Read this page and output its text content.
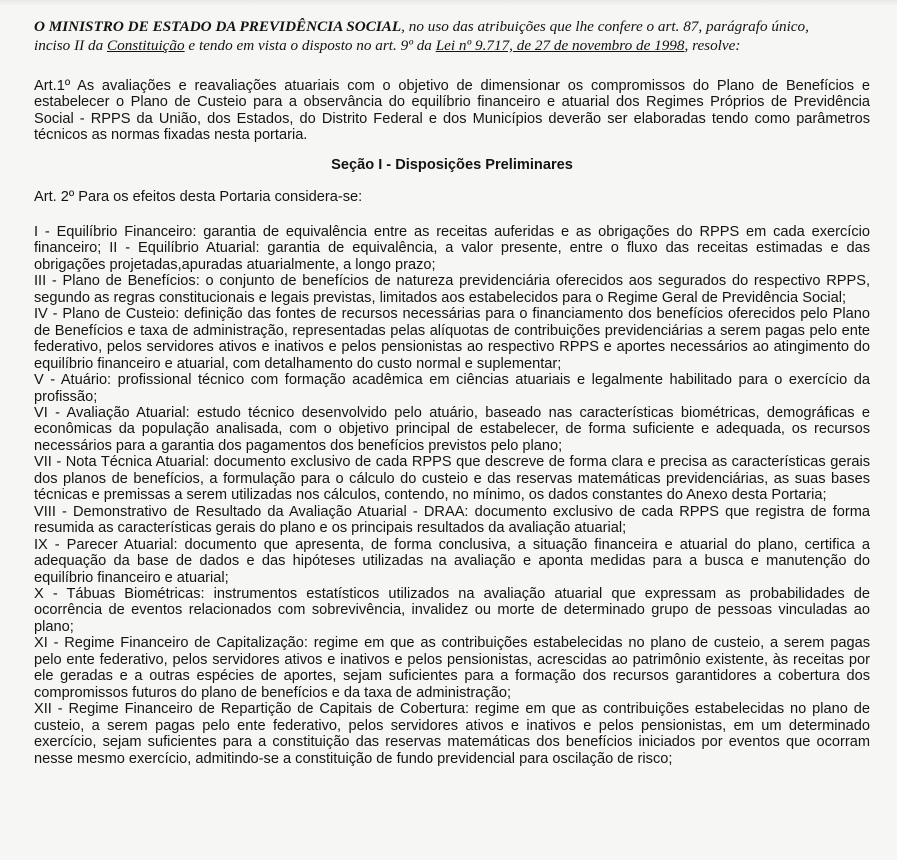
O MINISTRO DE ESTADO DA PREVIDÊNCIA SOCIAL, no uso das atribuições que lhe confere o art. 87, parágrafo único,
inciso II da Constituição e tendo em vista o disposto no art. 9º da Lei nº 9.717, de 27 de novembro de 1998, resolve:

Art.1º As avaliações e reavaliações atuariais com o objetivo de dimensionar os compromissos do Plano de Benefícios e estabelecer o Plano de Custeio para a observância do equilíbrio financeiro e atuarial dos Regimes Próprios de Previdência Social - RPPS da União, dos Estados, do Distrito Federal e dos Municípios deverão ser elaboradas tendo como parâmetros técnicos as normas fixadas nesta portaria.

Seção I - Disposições Preliminares

Art. 2º Para os efeitos desta Portaria considera-se:

I - Equilíbrio Financeiro: garantia de equivalência entre as receitas auferidas e as obrigações do RPPS em cada exercício financeiro; II - Equilíbrio Atuarial: garantia de equivalência, a valor presente, entre o fluxo das receitas estimadas e das obrigações projetadas,apuradas atuarialmente, a longo prazo;

III - Plano de Benefícios: o conjunto de benefícios de natureza previdenciária oferecidos aos segurados do respectivo RPPS, segundo as regras constitucionais e legais previstas, limitados aos estabelecidos para o Regime Geral de Previdência Social;

IV - Plano de Custeio: definição das fontes de recursos necessárias para o financiamento dos benefícios oferecidos pelo Plano de Benefícios e taxa de administração, representadas pelas alíquotas de contribuições previdenciárias a serem pagas pelo ente federativo, pelos servidores ativos e inativos e pelos pensionistas ao respectivo RPPS e aportes necessários ao atingimento do equilíbrio financeiro e atuarial, com detalhamento do custo normal e suplementar;

V - Atuário: profissional técnico com formação acadêmica em ciências atuariais e legalmente habilitado para o exercício da profissão;

VI - Avaliação Atuarial: estudo técnico desenvolvido pelo atuário, baseado nas características biométricas, demográficas e econômicas da população analisada, com o objetivo principal de estabelecer, de forma suficiente e adequada, os recursos necessários para a garantia dos pagamentos dos benefícios previstos pelo plano;

VII - Nota Técnica Atuarial: documento exclusivo de cada RPPS que descreve de forma clara e precisa as características gerais dos planos de benefícios, a formulação para o cálculo do custeio e das reservas matemáticas previdenciárias, as suas bases técnicas e premissas a serem utilizadas nos cálculos, contendo, no mínimo, os dados constantes do Anexo desta Portaria;

VIII - Demonstrativo de Resultado da Avaliação Atuarial - DRAA: documento exclusivo de cada RPPS que registra de forma resumida as características gerais do plano e os principais resultados da avaliação atuarial;

IX - Parecer Atuarial: documento que apresenta, de forma conclusiva, a situação financeira e atuarial do plano, certifica a adequação da base de dados e das hipóteses utilizadas na avaliação e aponta medidas para a busca e manutenção do equilíbrio financeiro e atuarial;

X - Tábuas Biométricas: instrumentos estatísticos utilizados na avaliação atuarial que expressam as probabilidades de ocorrência de eventos relacionados com sobrevivência, invalidez ou morte de determinado grupo de pessoas vinculadas ao plano;

XI - Regime Financeiro de Capitalização: regime em que as contribuições estabelecidas no plano de custeio, a serem pagas pelo ente federativo, pelos servidores ativos e inativos e pelos pensionistas, acrescidas ao patrimônio existente, às receitas por ele geradas e a outras espécies de aportes, sejam suficientes para a formação dos recursos garantidores a cobertura dos compromissos futuros do plano de benefícios e da taxa de administração;

XII - Regime Financeiro de Repartição de Capitais de Cobertura: regime em que as contribuições estabelecidas no plano de custeio, a serem pagas pelo ente federativo, pelos servidores ativos e inativos e pelos pensionistas, em um determinado exercício, sejam suficientes para a constituição das reservas matemáticas dos benefícios iniciados por eventos que ocorram nesse mesmo exercício, admitindo-se a constituição de fundo previdencial para oscilação de risco;
